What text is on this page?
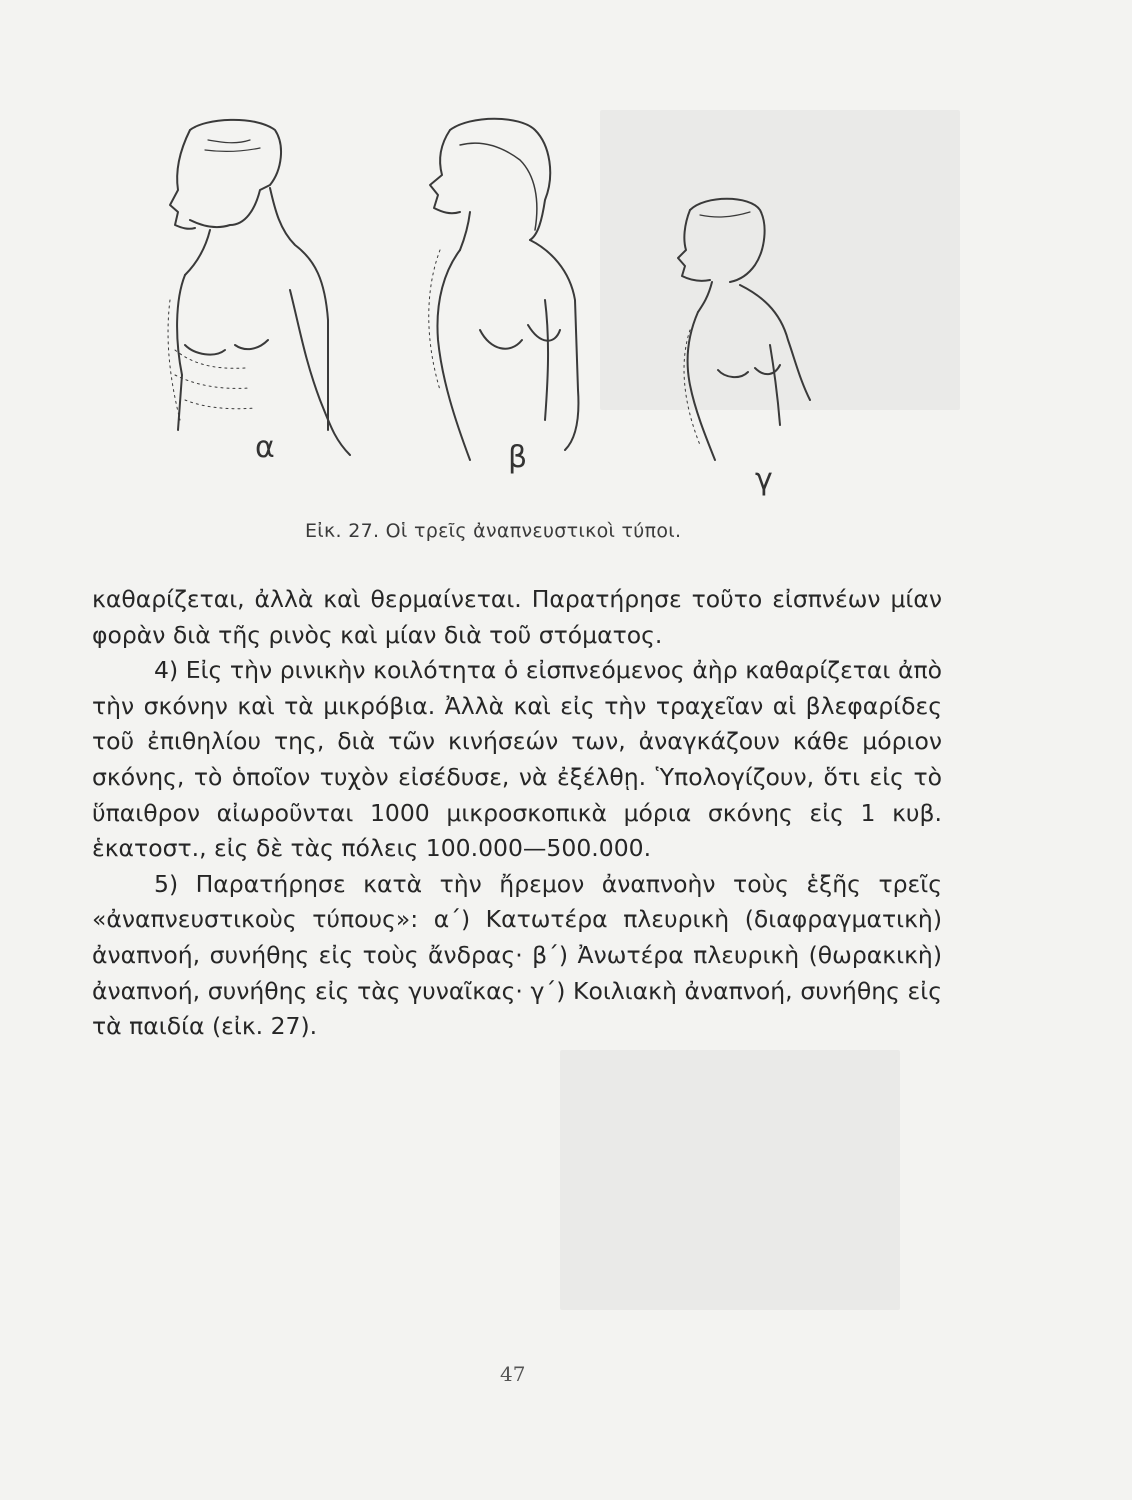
α	β
γ
Εἰκ. 27. Οἱ τρεῖς ἀναπνευστικοὶ τύποι.

καθαρίζεται, ἀλλὰ καὶ θερμαίνεται. Παρατήρησε τοῦτο εἰσπνέων μίαν φορὰν διὰ τῆς ρινὸς καὶ μίαν διὰ τοῦ στόματος.

4) Εἰς τὴν ρινικὴν κοιλότητα ὁ εἰσπνεόμενος ἀὴρ καθαρίζεται ἀπὸ τὴν σκόνην καὶ τὰ μικρόβια. Ἀλλὰ καὶ εἰς τὴν τραχεῖαν αἱ βλεφαρίδες τοῦ ἐπιθηλίου της, διὰ τῶν κινήσεών των, ἀναγκάζουν κάθε μόριον σκόνης, τὸ ὁποῖον τυχὸν εἰσέδυσε, νὰ ἐξέλθῃ. Ὑπολογίζουν, ὅτι εἰς τὸ ὕπαιθρον αἰωροῦνται 1000 μικροσκοπικὰ μόρια σκόνης εἰς 1 κυβ. ἑκατοστ., εἰς δὲ τὰς πόλεις 100.000—500.000.

5) Παρατήρησε κατὰ τὴν ἤρεμον ἀναπνοὴν τοὺς ἑξῆς τρεῖς «ἀναπνευστικοὺς τύπους»: α΄) Κατωτέρα πλευρικὴ (διαφραγματικὴ) ἀναπνοή, συνήθης εἰς τοὺς ἄνδρας· β΄) Ἀνωτέρα πλευρικὴ (θωρακικὴ) ἀναπνοή, συνήθης εἰς τὰς γυναῖκας· γ΄) Κοιλιακὴ ἀναπνοή, συνήθης εἰς τὰ παιδία (εἰκ. 27).

47
